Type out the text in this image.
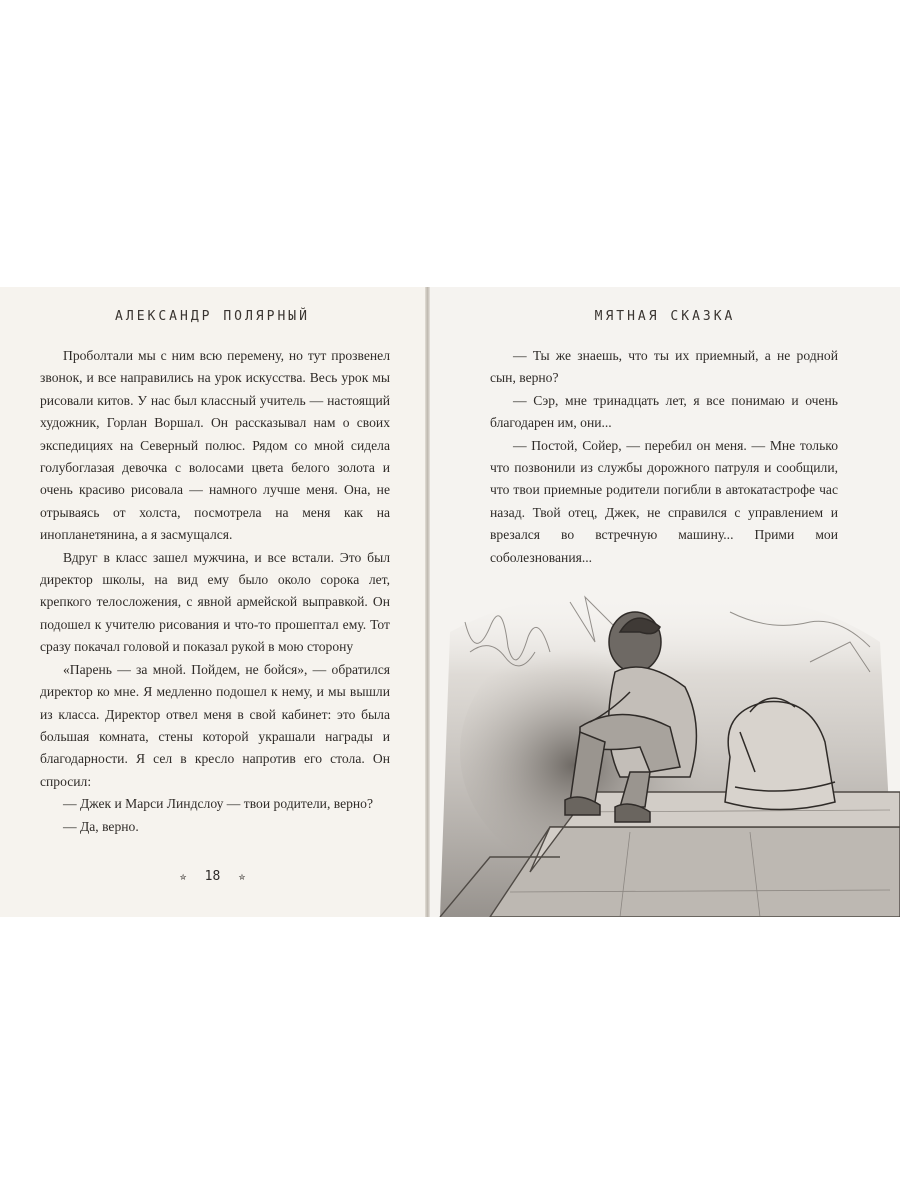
АЛЕКСАНДР ПОЛЯРНЫЙ

Проболтали мы с ним всю перемену, но тут прозвенел звонок, и все направились на урок искусства. Весь урок мы рисовали китов. У нас был классный учитель — настоящий художник, Горлан Воршал. Он рассказывал нам о своих экспедициях на Северный полюс. Рядом со мной сидела голубоглазая девочка с волосами цвета белого золота и очень красиво рисовала — намного лучше меня. Она, не отрываясь от холста, посмотрела на меня как на инопланетянина, а я засмущался.

Вдруг в класс зашел мужчина, и все встали. Это был директор школы, на вид ему было около сорока лет, крепкого телосложения, с явной армейской выправкой. Он подошел к учителю рисования и что-то прошептал ему. Тот сразу покачал головой и показал рукой в мою сторону

«Парень — за мной. Пойдем, не бойся», — обратился директор ко мне. Я медленно подошел к нему, и мы вышли из класса. Директор отвел меня в свой кабинет: это была большая комната, стены которой украшали награды и благодарности. Я сел в кресло напротив его стола. Он спросил:

— Джек и Марси Линдслоу — твои родители, верно?

— Да, верно.

✮ 18 ✮
МЯТНАЯ СКАЗКА

— Ты же знаешь, что ты их приемный, а не родной сын, верно?

— Сэр, мне тринадцать лет, я все понимаю и очень благодарен им, они...

— Постой, Сойер, — перебил он меня. — Мне только что позвонили из службы дорожного патруля и сообщили, что твои приемные родители погибли в автокатастрофе час назад. Твой отец, Джек, не справился с управлением и врезался во встречную машину... Прими мои соболезнования...
